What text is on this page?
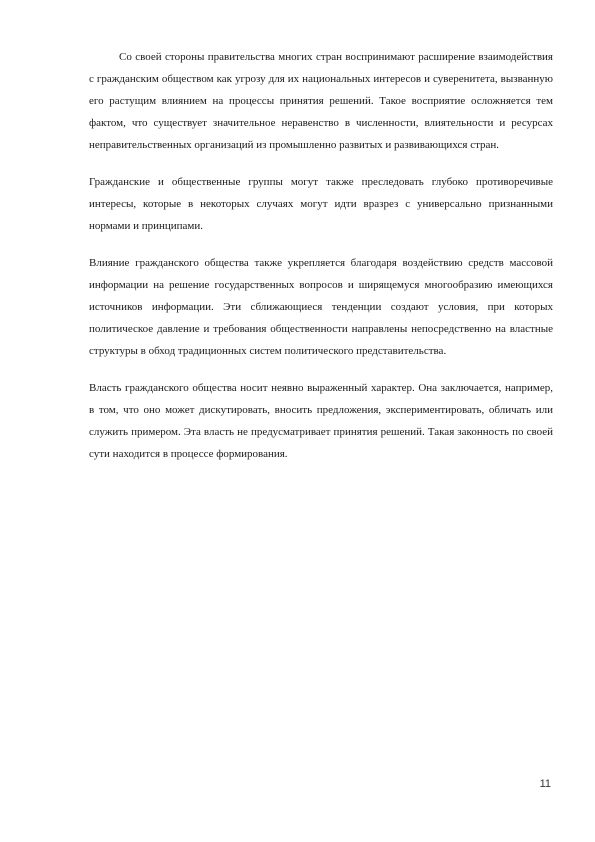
Со своей стороны правительства многих стран воспринимают расширение взаимодействия с гражданским обществом как угрозу для их национальных интересов и суверенитета, вызванную его растущим влиянием на процессы принятия решений. Такое восприятие осложняется тем фактом, что существует значительное неравенство в численности, влиятельности и ресурсах неправительственных организаций из промышленно развитых и развивающихся стран.

Гражданские и общественные группы могут также преследовать глубоко противоречивые интересы, которые в некоторых случаях могут идти вразрез с универсально признанными нормами и принципами.

Влияние гражданского общества также укрепляется благодаря воздействию средств массовой информации на решение государственных вопросов и ширящемуся многообразию имеющихся источников информации. Эти сближающиеся тенденции создают условия, при которых политическое давление и требования общественности направлены непосредственно на властные структуры в обход традиционных систем политического представительства.

Власть гражданского общества носит неявно выраженный характер. Она заключается, например, в том, что оно может дискутировать, вносить предложения, экспериментировать, обличать или служить примером. Эта власть не предусматривает принятия решений. Такая законность по своей сути находится в процессе формирования.

11
